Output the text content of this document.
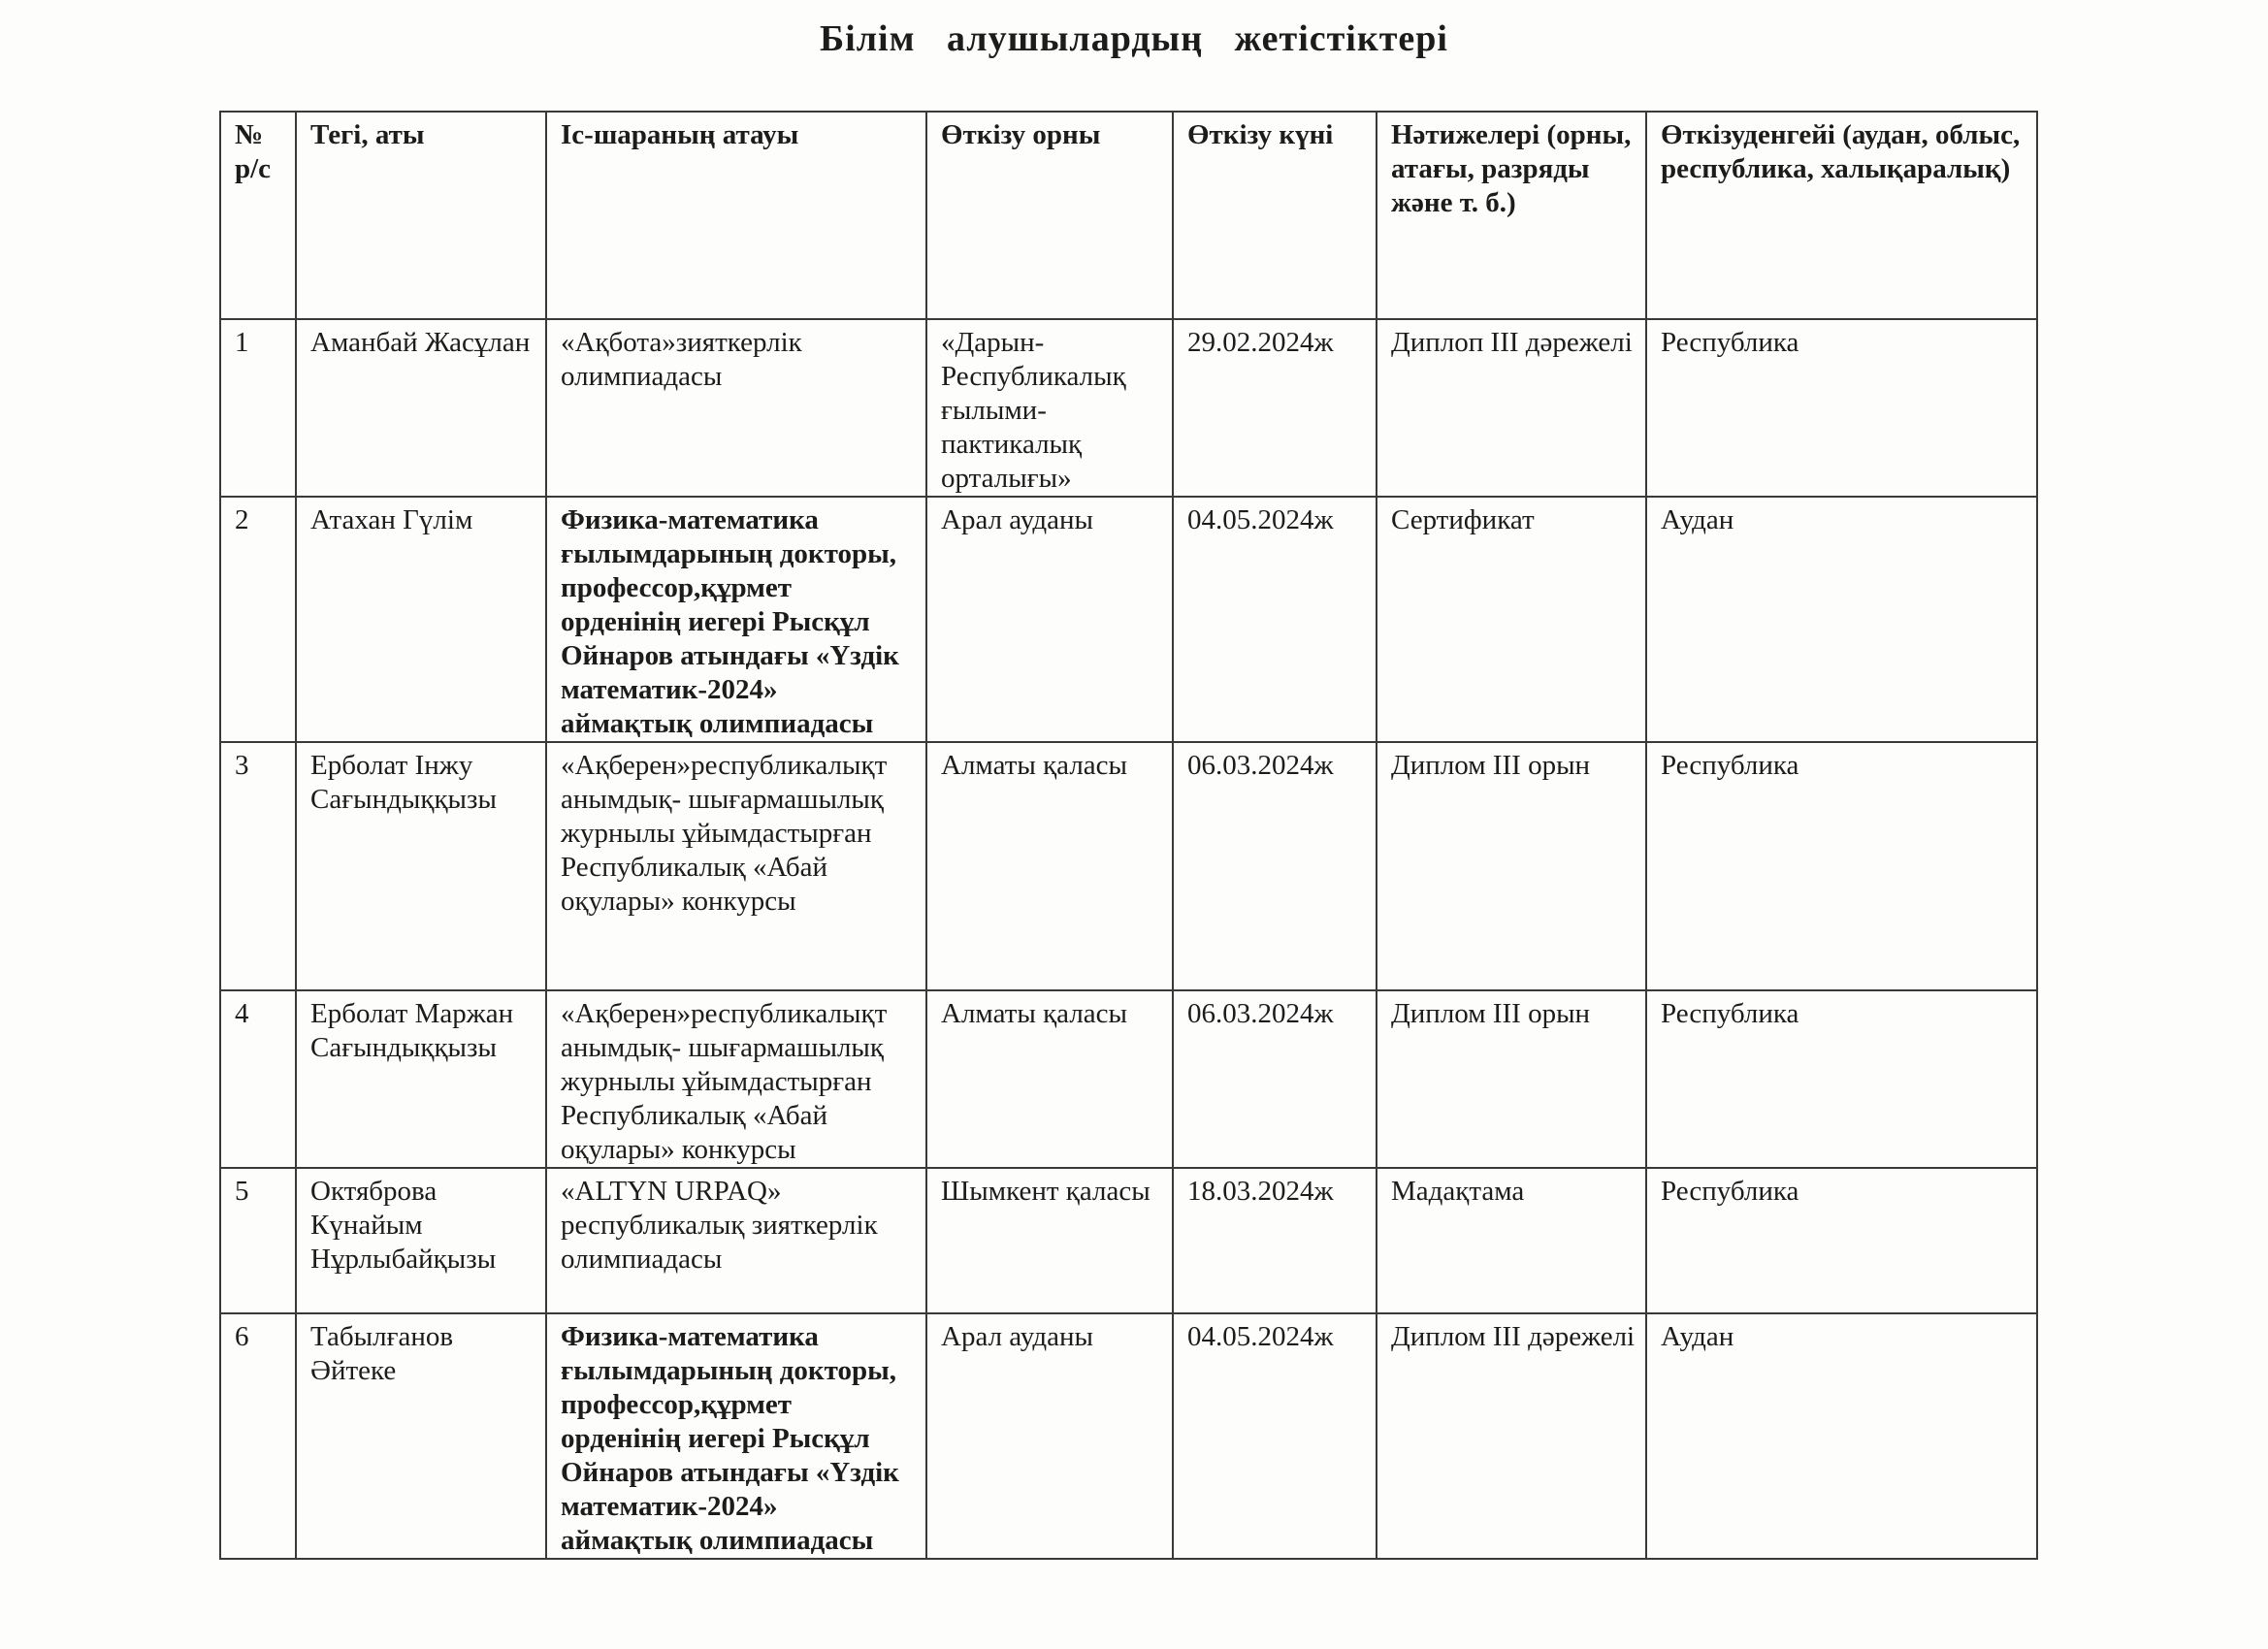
Білім алушылардың жетістіктері
№ р/с	Тегі, аты	Іс-шараның атауы	Өткізу орны	Өткізу күні	Нәтижелері (орны, атағы, разряды және т. б.)	Өткізуденгейі (аудан, облыс, республика, халықаралық)
1	Аманбай Жасұлан	«Ақбота»зияткерлік олимпиадасы	«Дарын-Республикалық ғылыми-пактикалық орталығы»	29.02.2024ж	Диплоп ІІІ дәрежелі	Республика
2	Атахан Гүлім	Физика-математика ғылымдарының докторы, профессор,құрмет орденінің иегері Рысқұл Ойнаров атындағы «Үздік математик-2024» аймақтық олимпиадасы	Арал ауданы	04.05.2024ж	Сертификат	Аудан
3	Ерболат Інжу Сағындыққызы	«Ақберен»республикалықт анымдық- шығармашылық журнылы ұйымдастырған Республикалық «Абай оқулары» конкурсы	Алматы қаласы	06.03.2024ж	Диплом ІІІ орын	Республика
4	Ерболат Маржан Сағындыққызы	«Ақберен»республикалықт анымдық- шығармашылық журнылы ұйымдастырған Республикалық «Абай оқулары» конкурсы	Алматы қаласы	06.03.2024ж	Диплом ІІІ орын	Республика
5	Октяброва Күнайым Нұрлыбайқызы	«ALTYN URPAQ» республикалық зияткерлік олимпиадасы	Шымкент қаласы	18.03.2024ж	Мадақтама	Республика
6	Табылғанов Әйтеке	Физика-математика ғылымдарының докторы, профессор,құрмет орденінің иегері Рысқұл Ойнаров атындағы «Үздік математик-2024» аймақтық олимпиадасы	Арал ауданы	04.05.2024ж	Диплом ІІІ дәрежелі	Аудан
